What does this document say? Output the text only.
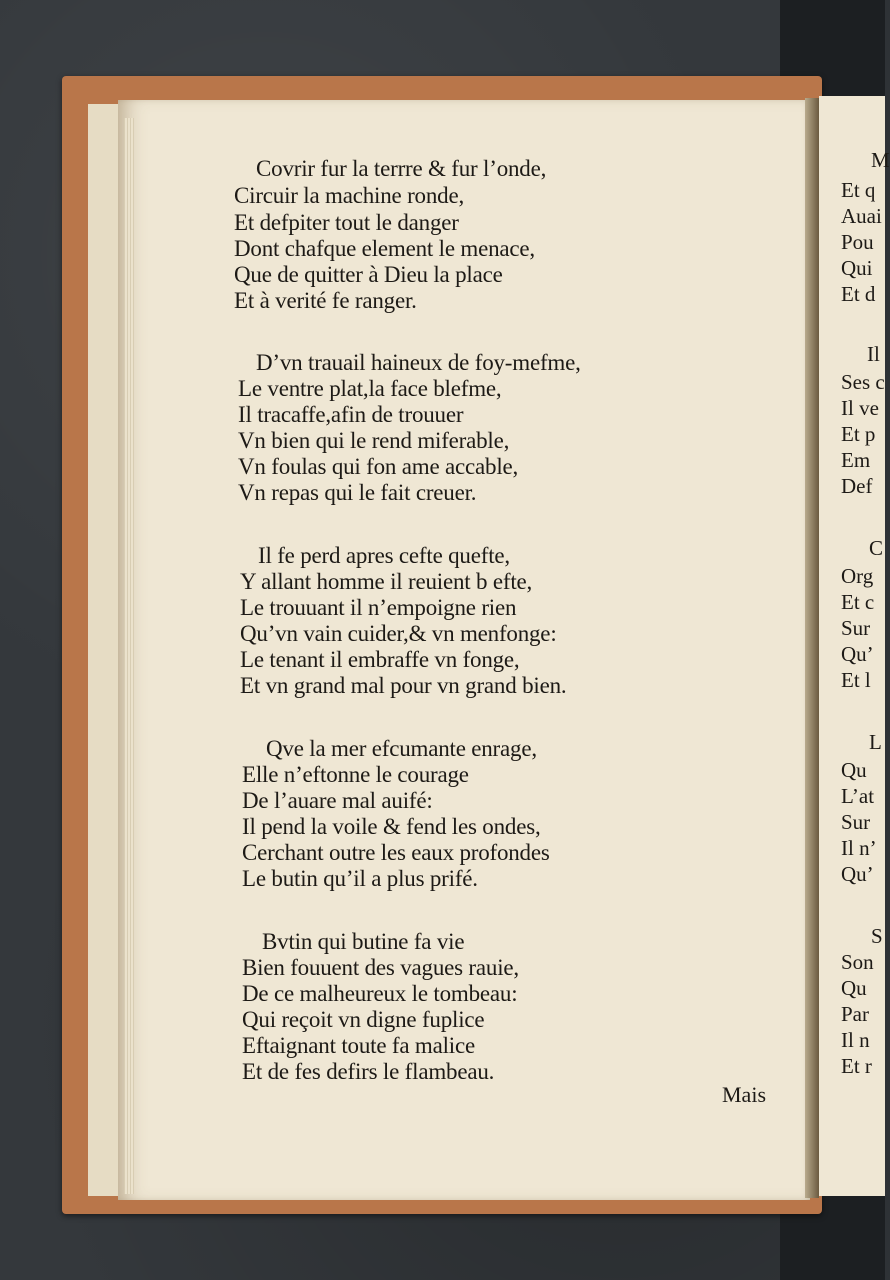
Covrir fur la terrre & fur l’onde,
Circuir la machine ronde,
Et defpiter tout le danger
Dont chafque element le menace,
Que de quitter à Dieu la place
Et à verité fe ranger.
D’vn trauail haineux de foy-mefme,
Le ventre plat,la face blefme,
Il tracaffe,afin de trouuer
Vn bien qui le rend miferable,
Vn foulas qui fon ame accable,
Vn repas qui le fait creuer.
Il fe perd apres cefte quefte,
Y allant homme il reuient b efte,
Le trouuant il n’empoigne rien
Qu’vn vain cuider,& vn menfonge:
Le tenant il embraffe vn fonge,
Et vn grand mal pour vn grand bien.
Qve la mer efcumante enrage,
Elle n’eftonne le courage
De l’auare mal auifé:
Il pend la voile & fend les ondes,
Cerchant outre les eaux profondes
Le butin qu’il a plus prifé.
Bvtin qui butine fa vie
Bien fouuent des vagues rauie,
De ce malheureux le tombeau:
Qui reçoit vn digne fuplice
Eftaignant toute fa malice
Et de fes defirs le flambeau.
Mais
M
Et q
Auai
Pou
Qui
Et d
Il
Ses c
Il ve
Et p
Em
Def
C
Org
Et c
Sur
Qu’
Et l
L
Qu
L’at
Sur
Il n’
Qu’
S
Son
Qu
Par
Il n
Et r
